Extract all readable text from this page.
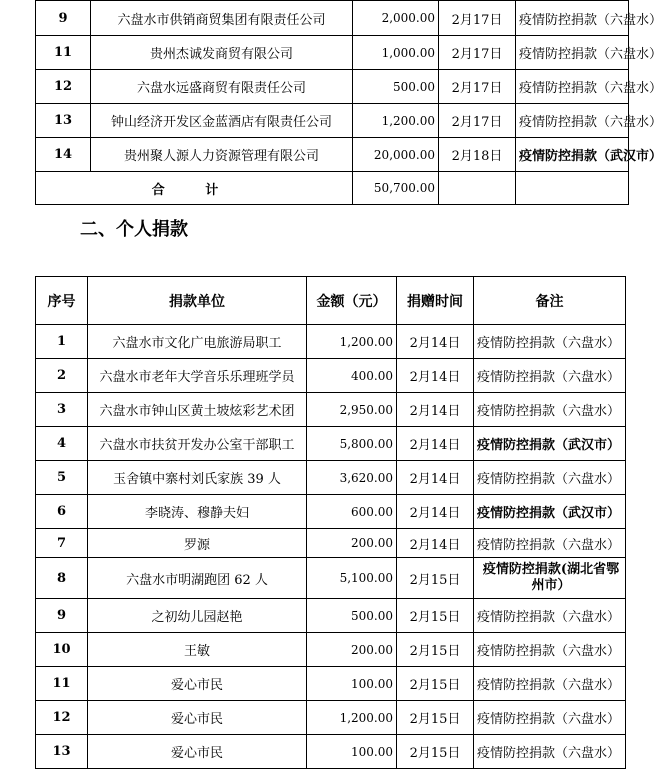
9	六盘水市供销商贸集团有限责任公司	2,000.00	2月17日	疫情防控捐款（六盘水）
11	贵州杰诚发商贸有限公司	1,000.00	2月17日	疫情防控捐款（六盘水）
12	六盘水远盛商贸有限责任公司	500.00	2月17日	疫情防控捐款（六盘水）
13	钟山经济开发区金蓝酒店有限责任公司	1,200.00	2月17日	疫情防控捐款（六盘水）
14	贵州聚人源人力资源管理有限公司	20,000.00	2月18日	疫情防控捐款（武汉市）
合 计		50,700.00		
二、个人捐款
序号	捐款单位	金额（元）	捐赠时间	备注
1	六盘水市文化广电旅游局职工	1,200.00	2月14日	疫情防控捐款（六盘水）
2	六盘水市老年大学音乐乐理班学员	400.00	2月14日	疫情防控捐款（六盘水）
3	六盘水市钟山区黄土坡炫彩艺术团	2,950.00	2月14日	疫情防控捐款（六盘水）
4	六盘水市扶贫开发办公室干部职工	5,800.00	2月14日	疫情防控捐款（武汉市）
5	玉舍镇中寨村刘氏家族 39 人	3,620.00	2月14日	疫情防控捐款（六盘水）
6	李晓涛、穆静夫妇	600.00	2月14日	疫情防控捐款（武汉市）
7	罗源	200.00	2月14日	疫情防控捐款（六盘水）
8	六盘水市明湖跑团 62 人	5,100.00	2月15日	疫情防控捐款(湖北省鄂州市）
9	之初幼儿园赵艳	500.00	2月15日	疫情防控捐款（六盘水）
10	王敏	200.00	2月15日	疫情防控捐款（六盘水）
11	爱心市民	100.00	2月15日	疫情防控捐款（六盘水）
12	爱心市民	1,200.00	2月15日	疫情防控捐款（六盘水）
13	爱心市民	100.00	2月15日	疫情防控捐款（六盘水）
